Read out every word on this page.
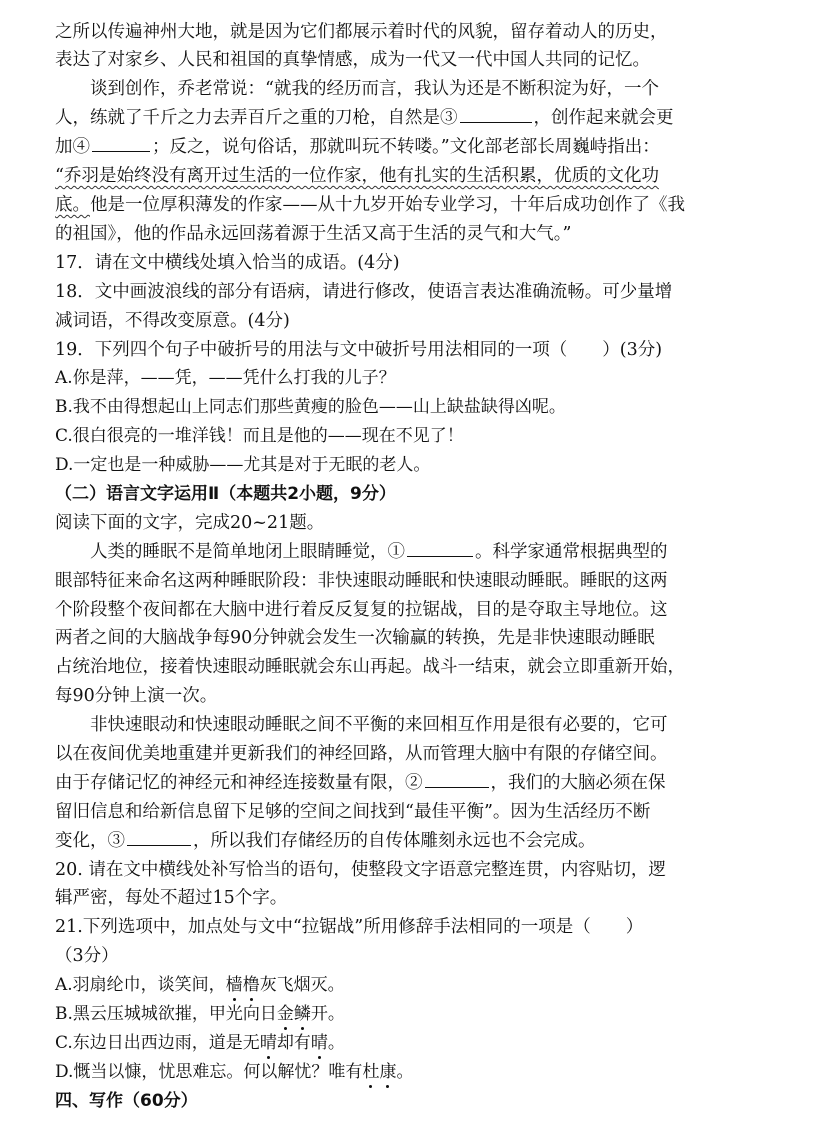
之所以传遍神州大地，就是因为它们都展示着时代的风貌，留存着动人的历史，
表达了对家乡、人民和祖国的真挚情感，成为一代又一代中国人共同的记忆。
谈到创作，乔老常说：“就我的经历而言，我认为还是不断积淀为好，一个
人，练就了千斤之力去弄百斤之重的刀枪，自然是③	，创作起来就会更
加④	；反之，说句俗话，那就叫玩不转喽。”文化部老部长周巍峙指出：
“乔羽是始终没有离开过生活的一位作家，他有扎实的生活积累，优质的文化功
底。他是一位厚积薄发的作家——从十九岁开始专业学习，十年后成功创作了《我
的祖国》，他的作品永远回荡着源于生活又高于生活的灵气和大气。”
17．请在文中横线处填入恰当的成语。(4分)
18．文中画波浪线的部分有语病，请进行修改，使语言表达准确流畅。可少量增
减词语，不得改变原意。(4分)
19．下列四个句子中破折号的用法与文中破折号用法相同的一项（　　）(3分)
A.你是萍，——凭，——凭什么打我的儿子？
B.我不由得想起山上同志们那些黄瘦的脸色——山上缺盐缺得凶呢。
C.很白很亮的一堆洋钱！而且是他的——现在不见了！
D.一定也是一种威胁——尤其是对于无眠的老人。
（二）语言文字运用Ⅱ（本题共2小题，9分）
阅读下面的文字，完成20~21题。
人类的睡眠不是简单地闭上眼睛睡觉，①	。科学家通常根据典型的
眼部特征来命名这两种睡眠阶段：非快速眼动睡眠和快速眼动睡眠。睡眠的这两
个阶段整个夜间都在大脑中进行着反反复复的拉锯战，目的是夺取主导地位。这
两者之间的大脑战争每90分钟就会发生一次输赢的转换，先是非快速眼动睡眠
占统治地位，接着快速眼动睡眠就会东山再起。战斗一结束，就会立即重新开始，
每90分钟上演一次。
非快速眼动和快速眼动睡眠之间不平衡的来回相互作用是很有必要的，它可
以在夜间优美地重建并更新我们的神经回路，从而管理大脑中有限的存储空间。
由于存储记忆的神经元和神经连接数量有限，②	，我们的大脑必须在保
留旧信息和给新信息留下足够的空间之间找到“最佳平衡”。因为生活经历不断
变化，③	，所以我们存储经历的自传体雕刻永远也不会完成。
20. 请在文中横线处补写恰当的语句，使整段文字语意完整连贯，内容贴切，逻
辑严密，每处不超过15个字。
21.下列选项中，加点处与文中“拉锯战”所用修辞手法相同的一项是（　　）
（3分）
A.羽扇纶巾，谈笑间，樯橹灰飞烟灭。
B.黑云压城城欲摧，甲光向日金鳞开。
C.东边日出西边雨，道是无晴却有晴。
D.慨当以慷，忧思难忘。何以解忧？唯有杜康。
四、写作（60分）
